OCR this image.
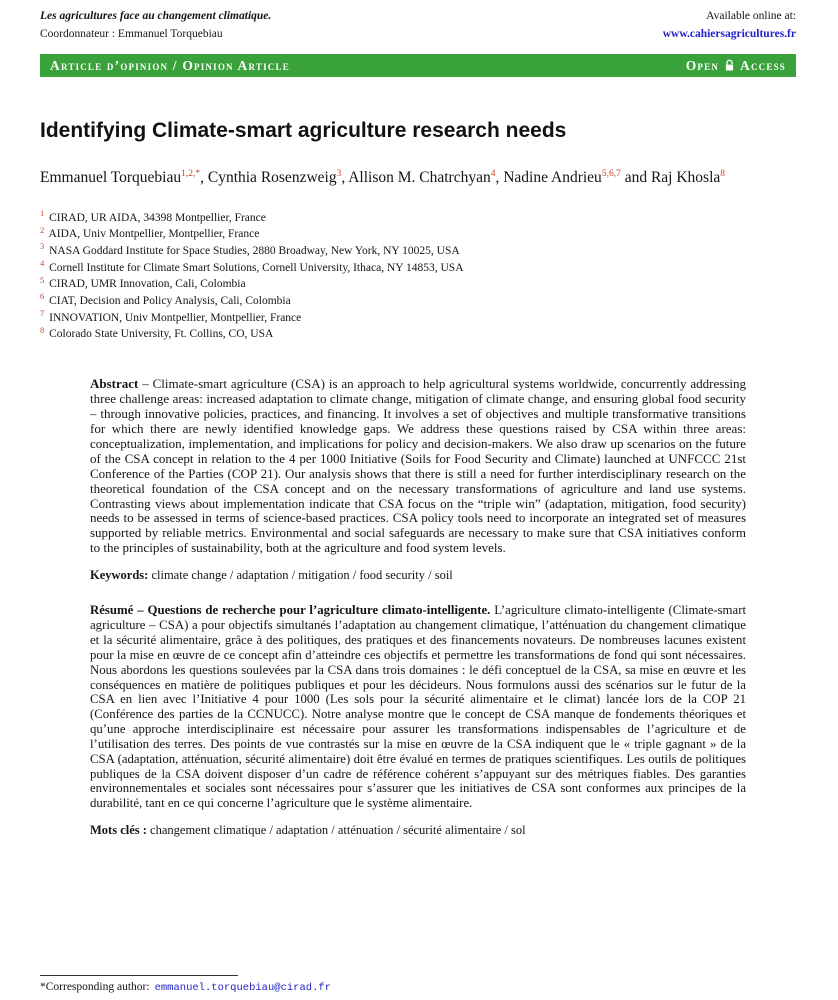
Les agricultures face au changement climatique.
Coordonnateur : Emmanuel Torquebiau
Available online at:
www.cahiersagricultures.fr
Article d’opinion / Opinion Article	Open Access
Identifying Climate-smart agriculture research needs

Emmanuel Torquebiau$^{1,2,*}$, Cynthia Rosenzweig$^3$, Allison M. Chatrchyan$^4$, Nadine Andrieu$^{5,6,7}$ and Raj Khosla$^8$

$^1$ CIRAD, UR AIDA, 34398 Montpellier, France
$^2$ AIDA, Univ Montpellier, Montpellier, France
$^3$ NASA Goddard Institute for Space Studies, 2880 Broadway, New York, NY 10025, USA
$^4$ Cornell Institute for Climate Smart Solutions, Cornell University, Ithaca, NY 14853, USA
$^5$ CIRAD, UMR Innovation, Cali, Colombia
$^6$ CIAT, Decision and Policy Analysis, Cali, Colombia
$^7$ INNOVATION, Univ Montpellier, Montpellier, France
$^8$ Colorado State University, Ft. Collins, CO, USA
Abstract – Climate-smart agriculture (CSA) is an approach to help agricultural systems worldwide, concurrently addressing three challenge areas: increased adaptation to climate change, mitigation of climate change, and ensuring global food security – through innovative policies, practices, and financing. It involves a set of objectives and multiple transformative transitions for which there are newly identified knowledge gaps. We address these questions raised by CSA within three areas: conceptualization, implementation, and implications for policy and decision-makers. We also draw up scenarios on the future of the CSA concept in relation to the 4 per 1000 Initiative (Soils for Food Security and Climate) launched at UNFCCC 21st Conference of the Parties (COP 21). Our analysis shows that there is still a need for further interdisciplinary research on the theoretical foundation of the CSA concept and on the necessary transformations of agriculture and land use systems. Contrasting views about implementation indicate that CSA focus on the “triple win” (adaptation, mitigation, food security) needs to be assessed in terms of science-based practices. CSA policy tools need to incorporate an integrated set of measures supported by reliable metrics. Environmental and social safeguards are necessary to make sure that CSA initiatives conform to the principles of sustainability, both at the agriculture and food system levels.

Keywords: climate change / adaptation / mitigation / food security / soil

Résumé – Questions de recherche pour l’agriculture climato-intelligente. L’agriculture climato-intelligente (Climate-smart agriculture – CSA) a pour objectifs simultanés l’adaptation au changement climatique, l’atténuation du changement climatique et la sécurité alimentaire, grâce à des politiques, des pratiques et des financements novateurs. De nombreuses lacunes existent pour la mise en œuvre de ce concept afin d’atteindre ces objectifs et permettre les transformations de fond qui sont nécessaires. Nous abordons les questions soulevées par la CSA dans trois domaines : le défi conceptuel de la CSA, sa mise en œuvre et les conséquences en matière de politiques publiques et pour les décideurs. Nous formulons aussi des scénarios sur le futur de la CSA en lien avec l’Initiative 4 pour 1000 (Les sols pour la sécurité alimentaire et le climat) lancée lors de la COP 21 (Conférence des parties de la CCNUCC). Notre analyse montre que le concept de CSA manque de fondements théoriques et qu’une approche interdisciplinaire est nécessaire pour assurer les transformations indispensables de l’agriculture et de l’utilisation des terres. Des points de vue contrastés sur la mise en œuvre de la CSA indiquent que le « triple gagnant » de la CSA (adaptation, atténuation, sécurité alimentaire) doit être évalué en termes de pratiques scientifiques. Les outils de politiques publiques de la CSA doivent disposer d’un cadre de référence cohérent s’appuyant sur des métriques fiables. Des garanties environnementales et sociales sont nécessaires pour s’assurer que les initiatives de CSA sont conformes aux principes de la durabilité, tant en ce qui concerne l’agriculture que le système alimentaire.

Mots clés : changement climatique / adaptation / atténuation / sécurité alimentaire / sol

*Corresponding author: emmanuel.torquebiau@cirad.fr
